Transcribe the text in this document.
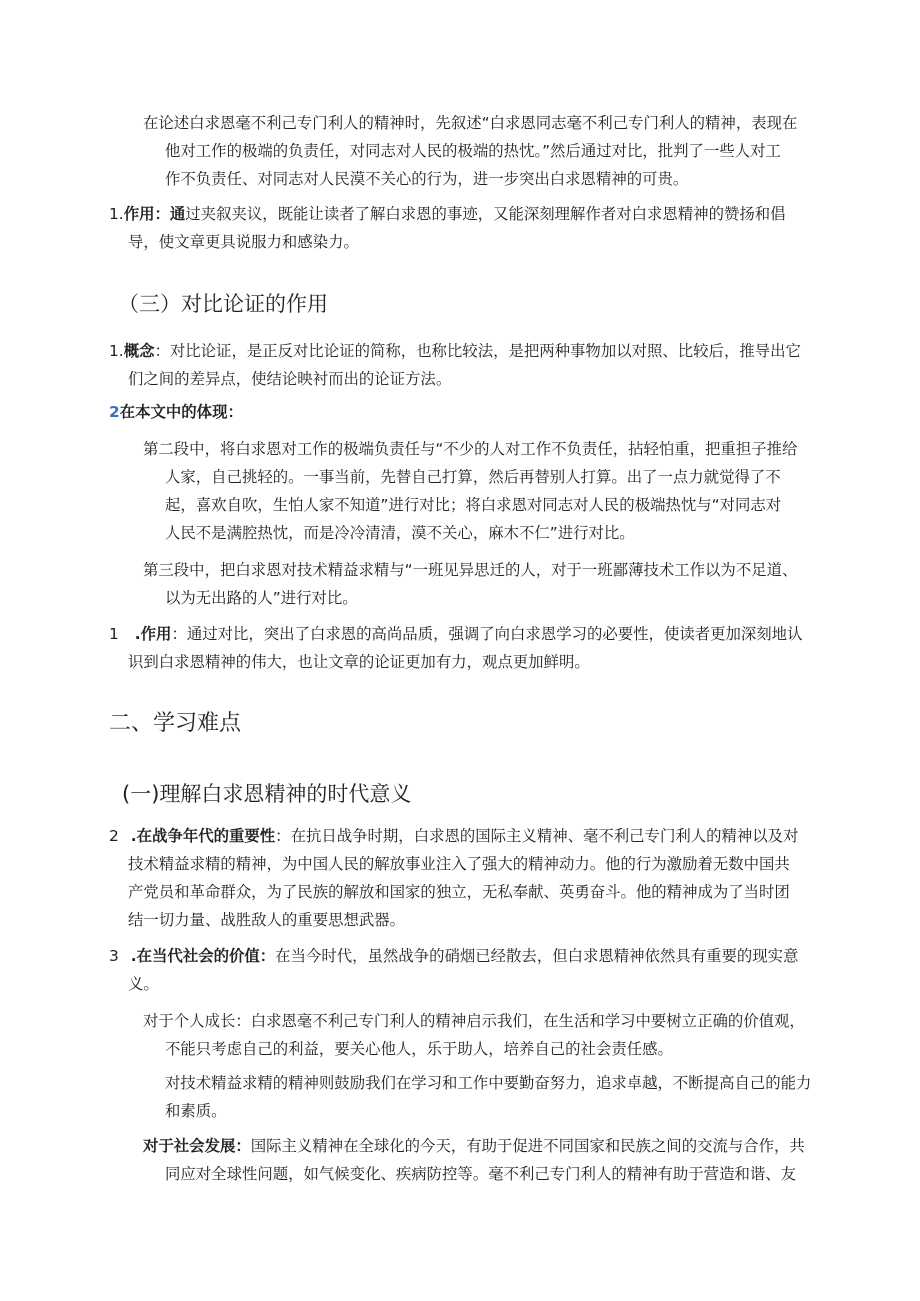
在论述白求恩毫不利己专门利人的精神时，先叙述“白求恩同志毫不利己专门利人的精神，表现在
他对工作的极端的负责任，对同志对人民的极端的热忱。”然后通过对比，批判了一些人对工
作不负责任、对同志对人民漠不关心的行为，进一步突出白求恩精神的可贵。
1.作用：通过夹叙夹议，既能让读者了解白求恩的事迹，又能深刻理解作者对白求恩精神的赞扬和倡
导，使文章更具说服力和感染力。
（三）对比论证的作用
1.概念：对比论证，是正反对比论证的简称，也称比较法，是把两种事物加以对照、比较后，推导出它
们之间的差异点，使结论映衬而出的论证方法。
2在本文中的体现：
第二段中，将白求恩对工作的极端负责任与“不少的人对工作不负责任，拈轻怕重，把重担子推给
人家，自己挑轻的。一事当前，先替自己打算，然后再替别人打算。出了一点力就觉得了不
起，喜欢自吹，生怕人家不知道”进行对比；将白求恩对同志对人民的极端热忱与“对同志对
人民不是满腔热忱，而是冷冷清清，漠不关心，麻木不仁”进行对比。
第三段中，把白求恩对技术精益求精与“一班见异思迁的人，对于一班鄙薄技术工作以为不足道、
以为无出路的人”进行对比。
1 .作用：通过对比，突出了白求恩的高尚品质，强调了向白求恩学习的必要性，使读者更加深刻地认
识到白求恩精神的伟大，也让文章的论证更加有力，观点更加鲜明。
二、学习难点
(一)理解白求恩精神的时代意义
2 .在战争年代的重要性：在抗日战争时期，白求恩的国际主义精神、毫不利己专门利人的精神以及对
技术精益求精的精神，为中国人民的解放事业注入了强大的精神动力。他的行为激励着无数中国共
产党员和革命群众，为了民族的解放和国家的独立，无私奉献、英勇奋斗。他的精神成为了当时团
结一切力量、战胜敌人的重要思想武器。
3 .在当代社会的价值：在当今时代，虽然战争的硝烟已经散去，但白求恩精神依然具有重要的现实意
义。
对于个人成长：白求恩毫不利己专门利人的精神启示我们，在生活和学习中要树立正确的价值观，
不能只考虑自己的利益，要关心他人，乐于助人，培养自己的社会责任感。
对技术精益求精的精神则鼓励我们在学习和工作中要勤奋努力，追求卓越，不断提高自己的能力
和素质。
对于社会发展：国际主义精神在全球化的今天，有助于促进不同国家和民族之间的交流与合作，共
同应对全球性问题，如气候变化、疾病防控等。毫不利己专门利人的精神有助于营造和谐、友
